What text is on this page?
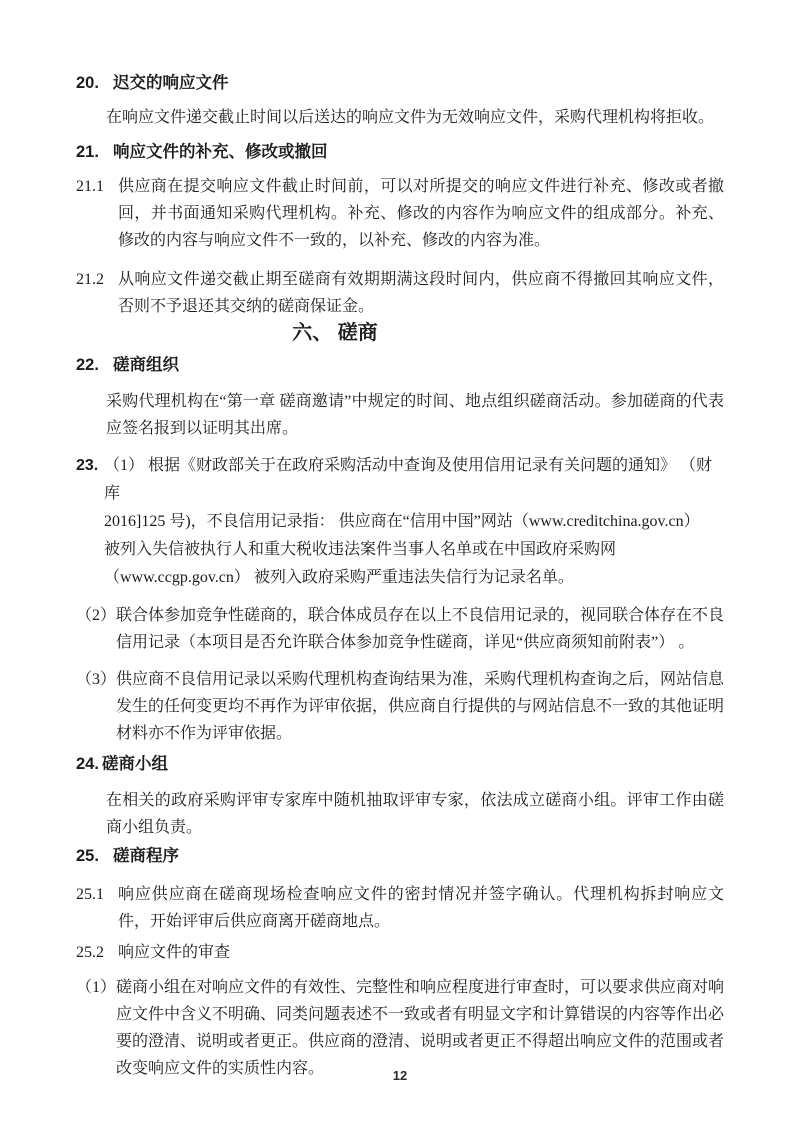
20. 迟交的响应文件
在响应文件递交截止时间以后送达的响应文件为无效响应文件，采购代理机构将拒收。
21. 响应文件的补充、修改或撤回
21.1 供应商在提交响应文件截止时间前，可以对所提交的响应文件进行补充、修改或者撤回，并书面通知采购代理机构。补充、修改的内容作为响应文件的组成部分。补充、修改的内容与响应文件不一致的，以补充、修改的内容为准。
21.2 从响应文件递交截止期至磋商有效期期满这段时间内，供应商不得撤回其响应文件，否则不予退还其交纳的磋商保证金。
六、 磋商
22. 磋商组织
采购代理机构在“第一章 磋商邀请”中规定的时间、地点组织磋商活动。参加磋商的代表应签名报到以证明其出席。
23. （1） 根据《财政部关于在政府采购活动中查询及使用信用记录有关问题的通知》 （财库
2016]125 号)，不良信用记录指： 供应商在“信用中国”网站（www.creditchina.gov.cn）
被列入失信被执行人和重大税收违法案件当事人名单或在中国政府采购网
（www.ccgp.gov.cn） 被列入政府采购严重违法失信行为记录名单。
（2） 联合体参加竞争性磋商的，联合体成员存在以上不良信用记录的，视同联合体存在不良信用记录（本项目是否允许联合体参加竞争性磋商，详见“供应商须知前附表”） 。
（3） 供应商不良信用记录以采购代理机构查询结果为准，采购代理机构查询之后，网站信息发生的任何变更均不再作为评审依据，供应商自行提供的与网站信息不一致的其他证明材料亦不作为评审依据。
24. 磋商小组
在相关的政府采购评审专家库中随机抽取评审专家，依法成立磋商小组。评审工作由磋商小组负责。
25. 磋商程序
25.1 响应供应商在磋商现场检查响应文件的密封情况并签字确认。代理机构拆封响应文件，开始评审后供应商离开磋商地点。
25.2 响应文件的审查
（1） 磋商小组在对响应文件的有效性、完整性和响应程度进行审查时，可以要求供应商对响应文件中含义不明确、同类问题表述不一致或者有明显文字和计算错误的内容等作出必要的澄清、说明或者更正。供应商的澄清、说明或者更正不得超出响应文件的范围或者改变响应文件的实质性内容。	12
